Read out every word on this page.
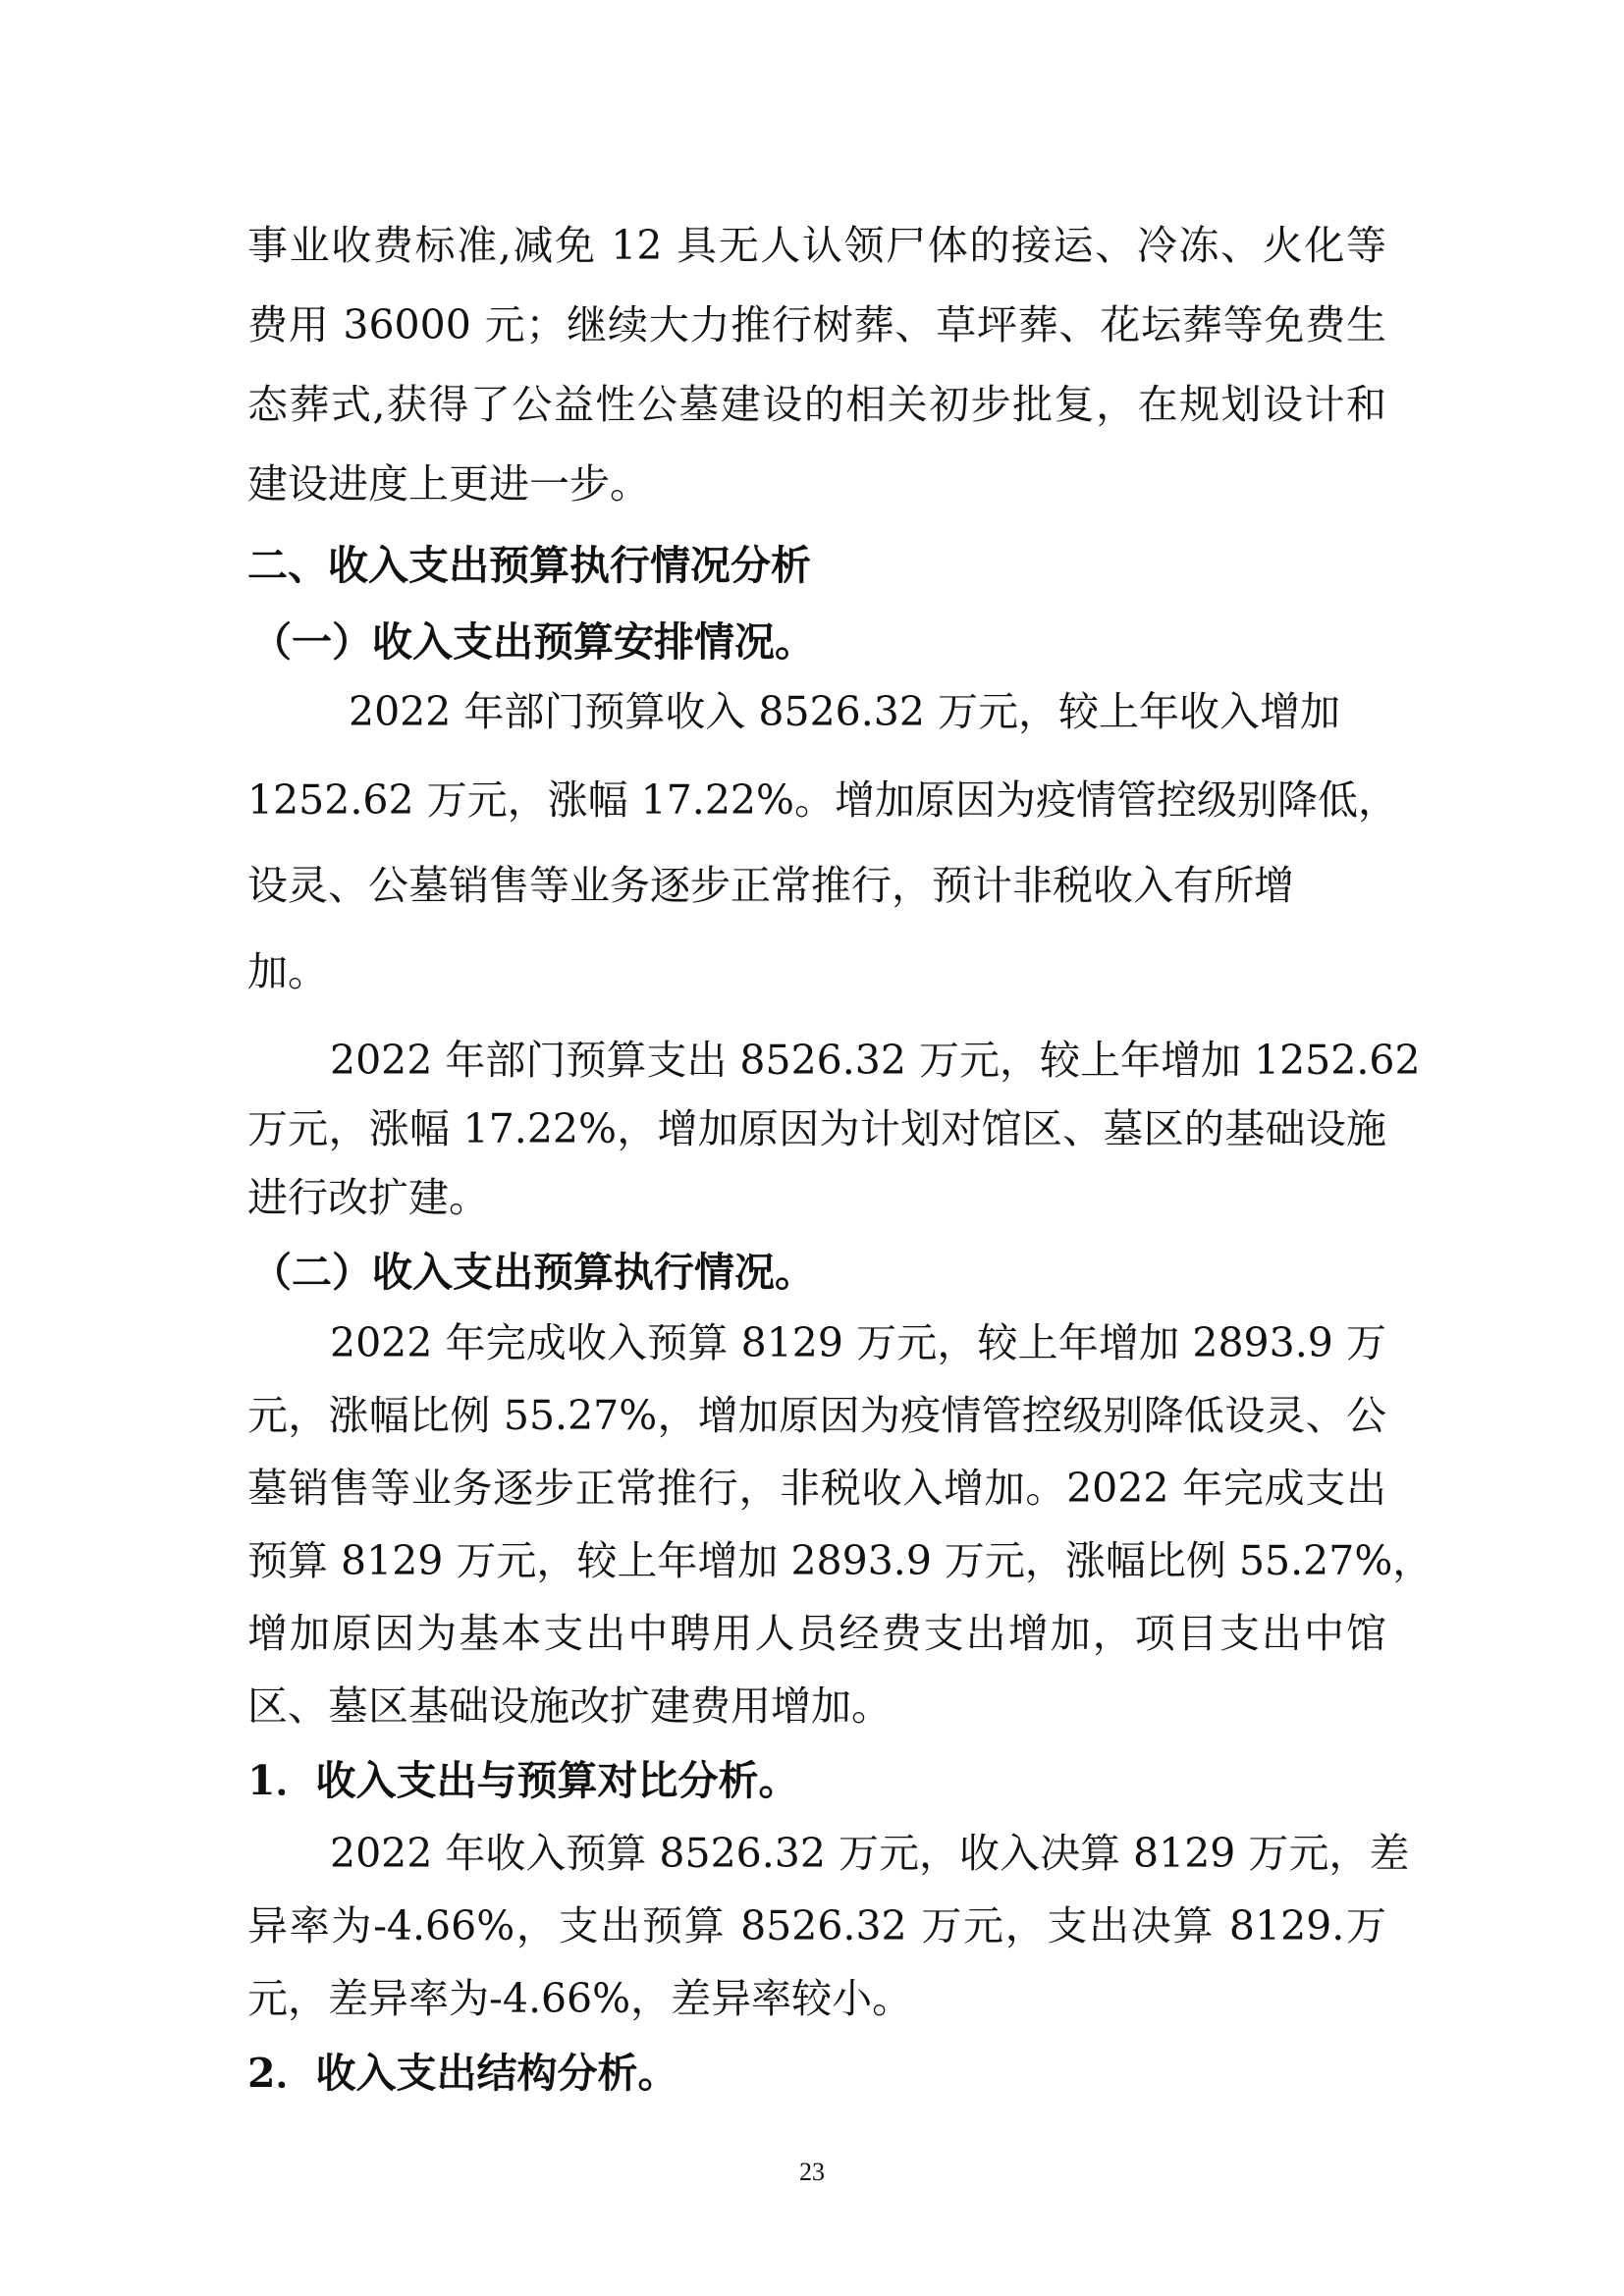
事业收费标准,减免 12 具无人认领尸体的接运、冷冻、火化等
费用 36000 元；继续大力推行树葬、草坪葬、花坛葬等免费生
态葬式,获得了公益性公墓建设的相关初步批复，在规划设计和
建设进度上更进一步。
二、收入支出预算执行情况分析
（一）收入支出预算安排情况。
2022 年部门预算收入 8526.32 万元，较上年收入增加
1252.62 万元，涨幅 17.22%。增加原因为疫情管控级别降低，
设灵、公墓销售等业务逐步正常推行，预计非税收入有所增
加。
2022 年部门预算支出 8526.32 万元，较上年增加 1252.62
万元，涨幅 17.22%，增加原因为计划对馆区、墓区的基础设施
进行改扩建。
（二）收入支出预算执行情况。
2022 年完成收入预算 8129 万元，较上年增加 2893.9 万
元，涨幅比例 55.27%，增加原因为疫情管控级别降低设灵、公
墓销售等业务逐步正常推行，非税收入增加。2022 年完成支出
预算 8129 万元，较上年增加 2893.9 万元，涨幅比例 55.27%，
增加原因为基本支出中聘用人员经费支出增加，项目支出中馆
区、墓区基础设施改扩建费用增加。
1．收入支出与预算对比分析。
2022 年收入预算 8526.32 万元，收入决算 8129 万元，差
异率为-4.66%，支出预算 8526.32 万元，支出决算 8129.万
元，差异率为-4.66%，差异率较小。
2．收入支出结构分析。
23
